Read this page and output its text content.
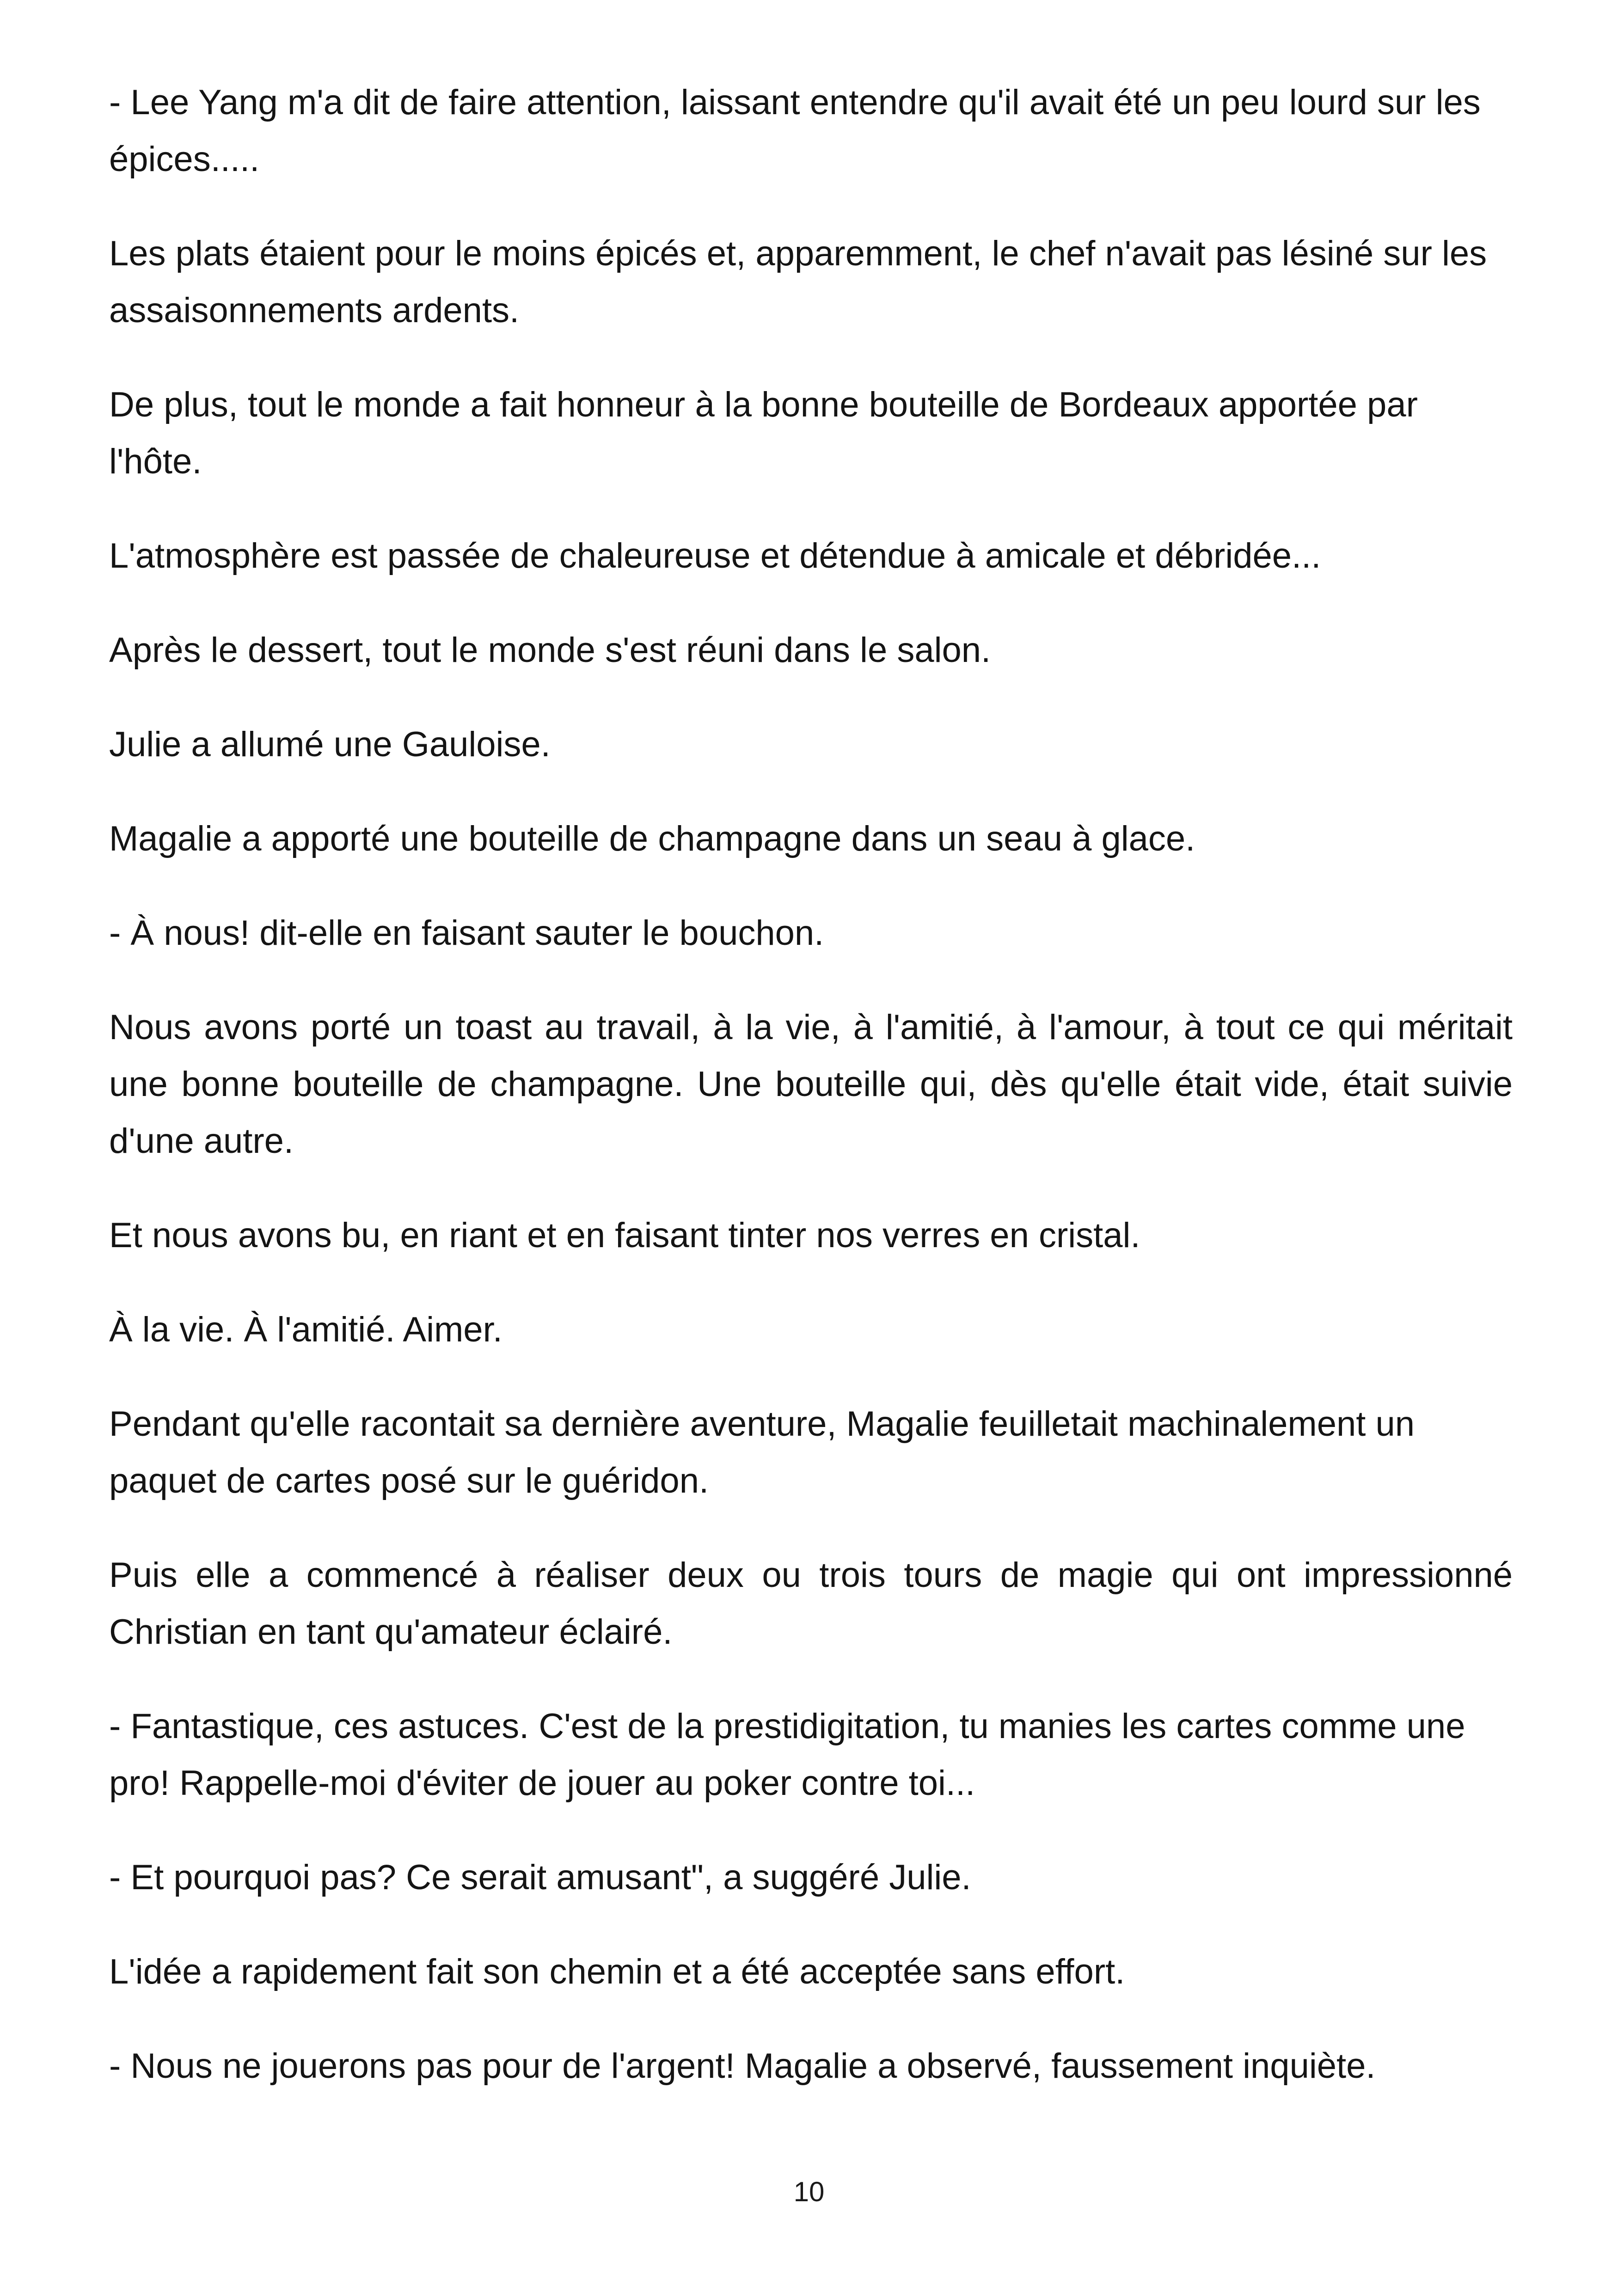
- Lee Yang m'a dit de faire attention, laissant entendre qu'il avait été un peu lourd sur les épices.....

Les plats étaient pour le moins épicés et, apparemment, le chef n'avait pas lésiné sur les assaisonnements ardents.

De plus, tout le monde a fait honneur à la bonne bouteille de Bordeaux apportée par l'hôte.

L'atmosphère est passée de chaleureuse et détendue à amicale et débridée...

Après le dessert, tout le monde s'est réuni dans le salon.

Julie a allumé une Gauloise.

Magalie a apporté une bouteille de champagne dans un seau à glace.

- À nous! dit-elle en faisant sauter le bouchon.

Nous avons porté un toast au travail, à la vie, à l'amitié, à l'amour, à tout ce qui méritait une bonne bouteille de champagne. Une bouteille qui, dès qu'elle était vide, était suivie d'une autre.

Et nous avons bu, en riant et en faisant tinter nos verres en cristal.

À la vie. À l'amitié. Aimer.

Pendant qu'elle racontait sa dernière aventure, Magalie feuilletait machinalement un paquet de cartes posé sur le guéridon.

Puis elle a commencé à réaliser deux ou trois tours de magie qui ont impressionné Christian en tant qu'amateur éclairé.

- Fantastique, ces astuces. C'est de la prestidigitation, tu manies les cartes comme une pro! Rappelle-moi d'éviter de jouer au poker contre toi...

- Et pourquoi pas? Ce serait amusant", a suggéré Julie.

L'idée a rapidement fait son chemin et a été acceptée sans effort.

- Nous ne jouerons pas pour de l'argent! Magalie a observé, faussement inquiète.

10
